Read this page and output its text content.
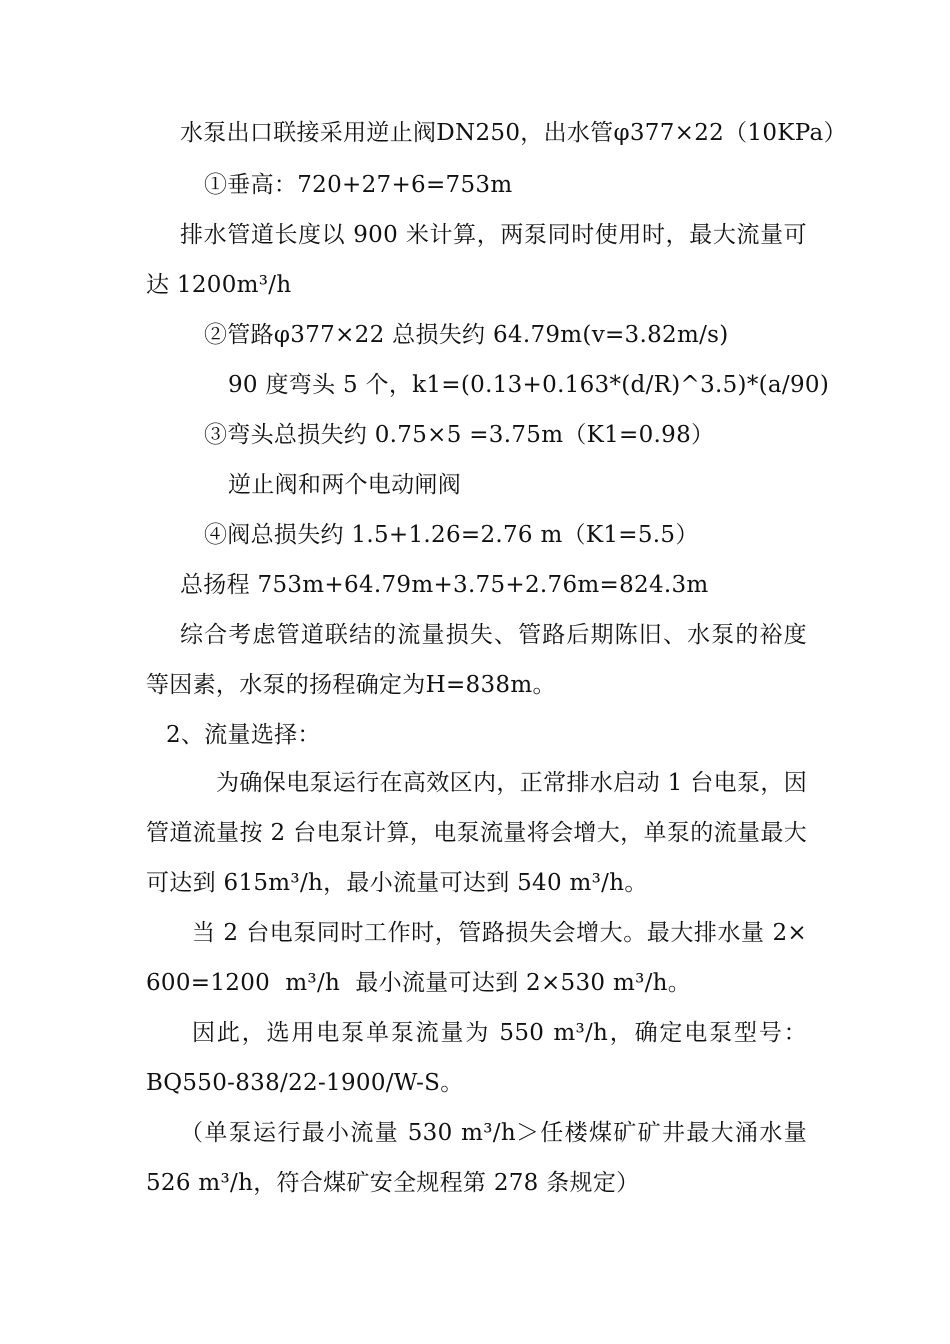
水泵出口联接采用逆止阀DN250，出水管φ377×22（10KPa）
①垂高：720+27+6=753m
排水管道长度以 900 米计算，两泵同时使用时，最大流量可
达 1200m³/h
②管路φ377×22 总损失约 64.79m(v=3.82m/s)
90 度弯头 5 个，k1=(0.13+0.163*(d/R)^3.5)*(a/90)
③弯头总损失约 0.75×5 =3.75m（K1=0.98）
逆止阀和两个电动闸阀
④阀总损失约 1.5+1.26=2.76 m（K1=5.5）
总扬程 753m+64.79m+3.75+2.76m=824.3m
综合考虑管道联结的流量损失、管路后期陈旧、水泵的裕度
等因素，水泵的扬程确定为H=838m。
2、流量选择：
为确保电泵运行在高效区内，正常排水启动 1 台电泵，因
管道流量按 2 台电泵计算，电泵流量将会增大，单泵的流量最大
可达到 615m³/h，最小流量可达到 540 m³/h。
当 2 台电泵同时工作时，管路损失会增大。最大排水量 2×
600=1200  m³/h  最小流量可达到 2×530 m³/h。
因此，选用电泵单泵流量为 550 m³/h，确定电泵型号：
BQ550-838/22-1900/W-S。
（单泵运行最小流量 530 m³/h＞任楼煤矿矿井最大涌水量
526 m³/h，符合煤矿安全规程第 278 条规定）
